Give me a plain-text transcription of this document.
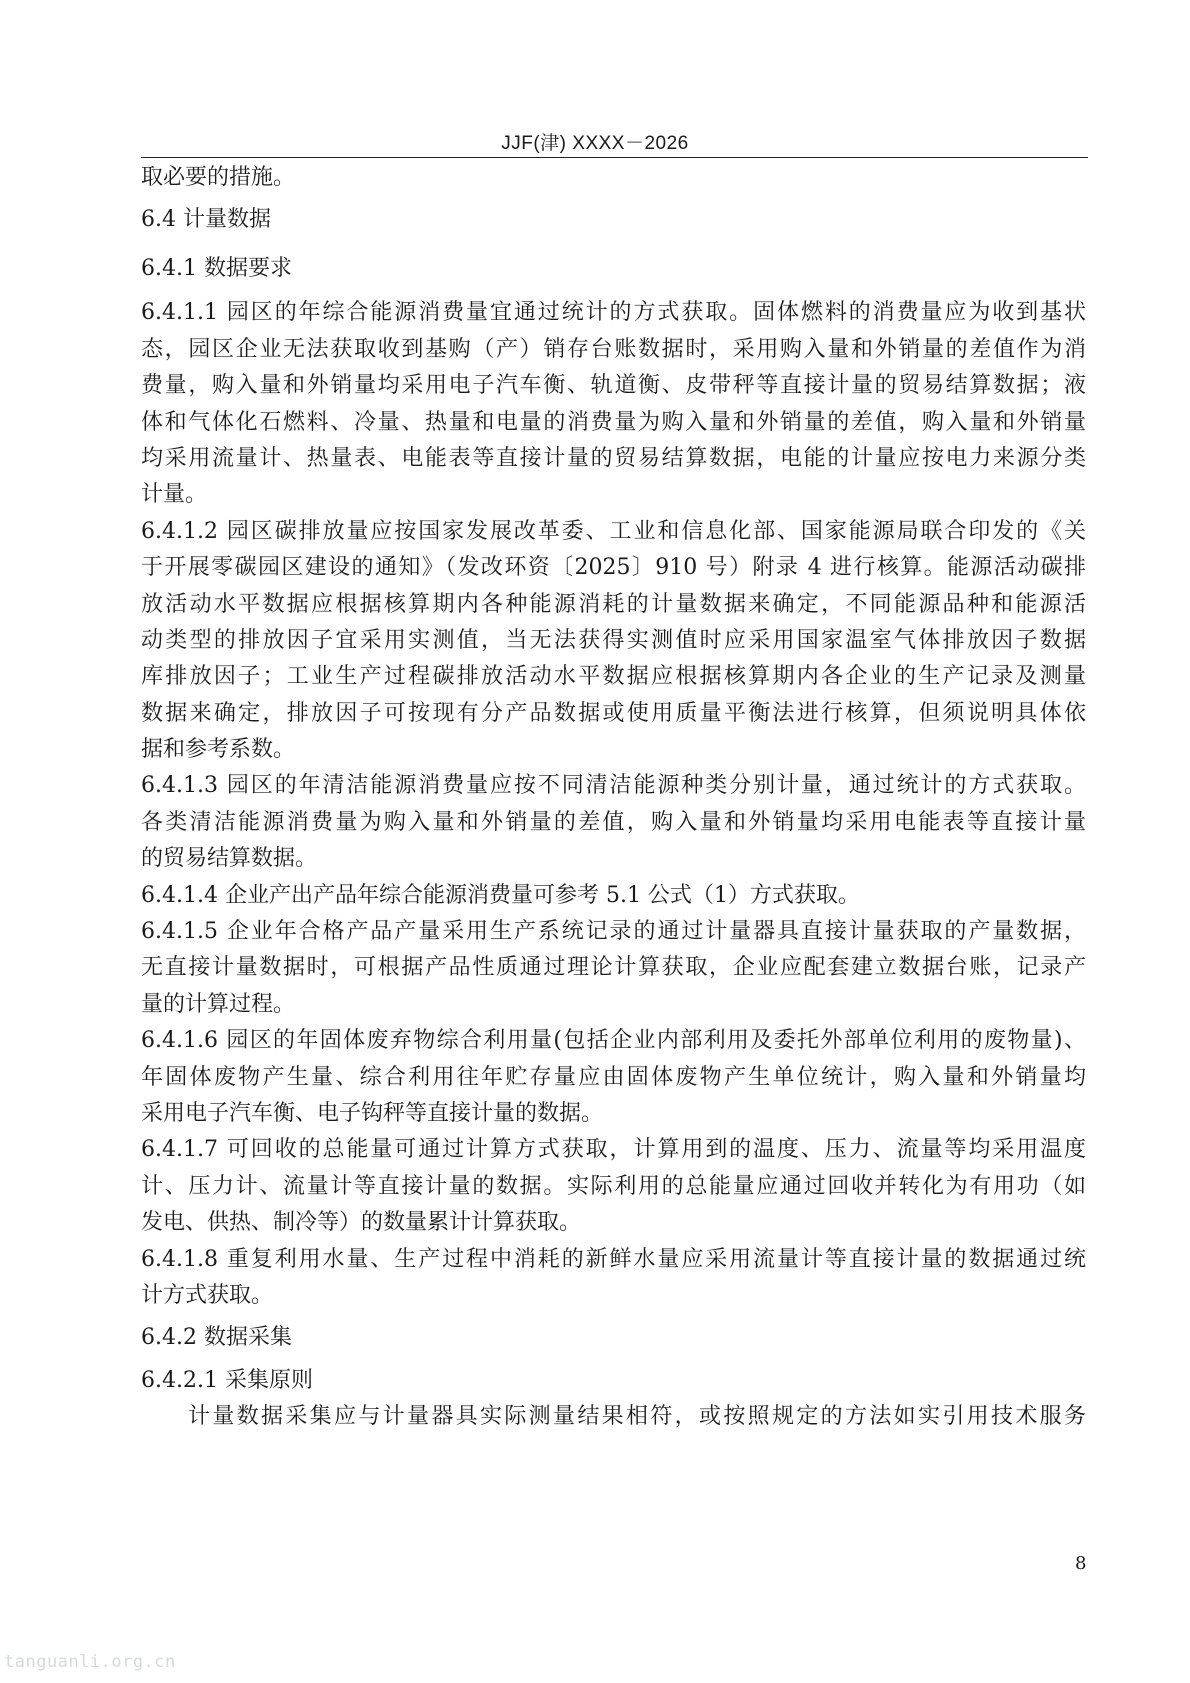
JJF(津) XXXX－2026
取必要的措施。
6.4 计量数据
6.4.1 数据要求
6.4.1.1 园区的年综合能源消费量宜通过统计的方式获取。固体燃料的消费量应为收到基状
态，园区企业无法获取收到基购（产）销存台账数据时，采用购入量和外销量的差值作为消
费量，购入量和外销量均采用电子汽车衡、轨道衡、皮带秤等直接计量的贸易结算数据；液
体和气体化石燃料、冷量、热量和电量的消费量为购入量和外销量的差值，购入量和外销量
均采用流量计、热量表、电能表等直接计量的贸易结算数据，电能的计量应按电力来源分类
计量。
6.4.1.2 园区碳排放量应按国家发展改革委、工业和信息化部、国家能源局联合印发的《关
于开展零碳园区建设的通知》（发改环资〔2025〕910 号）附录 4 进行核算。能源活动碳排
放活动水平数据应根据核算期内各种能源消耗的计量数据来确定，不同能源品种和能源活
动类型的排放因子宜采用实测值，当无法获得实测值时应采用国家温室气体排放因子数据
库排放因子；工业生产过程碳排放活动水平数据应根据核算期内各企业的生产记录及测量
数据来确定，排放因子可按现有分产品数据或使用质量平衡法进行核算，但须说明具体依
据和参考系数。
6.4.1.3 园区的年清洁能源消费量应按不同清洁能源种类分别计量，通过统计的方式获取。
各类清洁能源消费量为购入量和外销量的差值，购入量和外销量均采用电能表等直接计量
的贸易结算数据。
6.4.1.4 企业产出产品年综合能源消费量可参考 5.1 公式（1）方式获取。
6.4.1.5 企业年合格产品产量采用生产系统记录的通过计量器具直接计量获取的产量数据，
无直接计量数据时，可根据产品性质通过理论计算获取，企业应配套建立数据台账，记录产
量的计算过程。
6.4.1.6 园区的年固体废弃物综合利用量(包括企业内部利用及委托外部单位利用的废物量)、
年固体废物产生量、综合利用往年贮存量应由固体废物产生单位统计，购入量和外销量均
采用电子汽车衡、电子钩秤等直接计量的数据。
6.4.1.7 可回收的总能量可通过计算方式获取，计算用到的温度、压力、流量等均采用温度
计、压力计、流量计等直接计量的数据。实际利用的总能量应通过回收并转化为有用功（如
发电、供热、制冷等）的数量累计计算获取。
6.4.1.8 重复利用水量、生产过程中消耗的新鲜水量应采用流量计等直接计量的数据通过统
计方式获取。
6.4.2 数据采集
6.4.2.1 采集原则
计量数据采集应与计量器具实际测量结果相符，或按照规定的方法如实引用技术服务
8
tanguanli.org.cn
